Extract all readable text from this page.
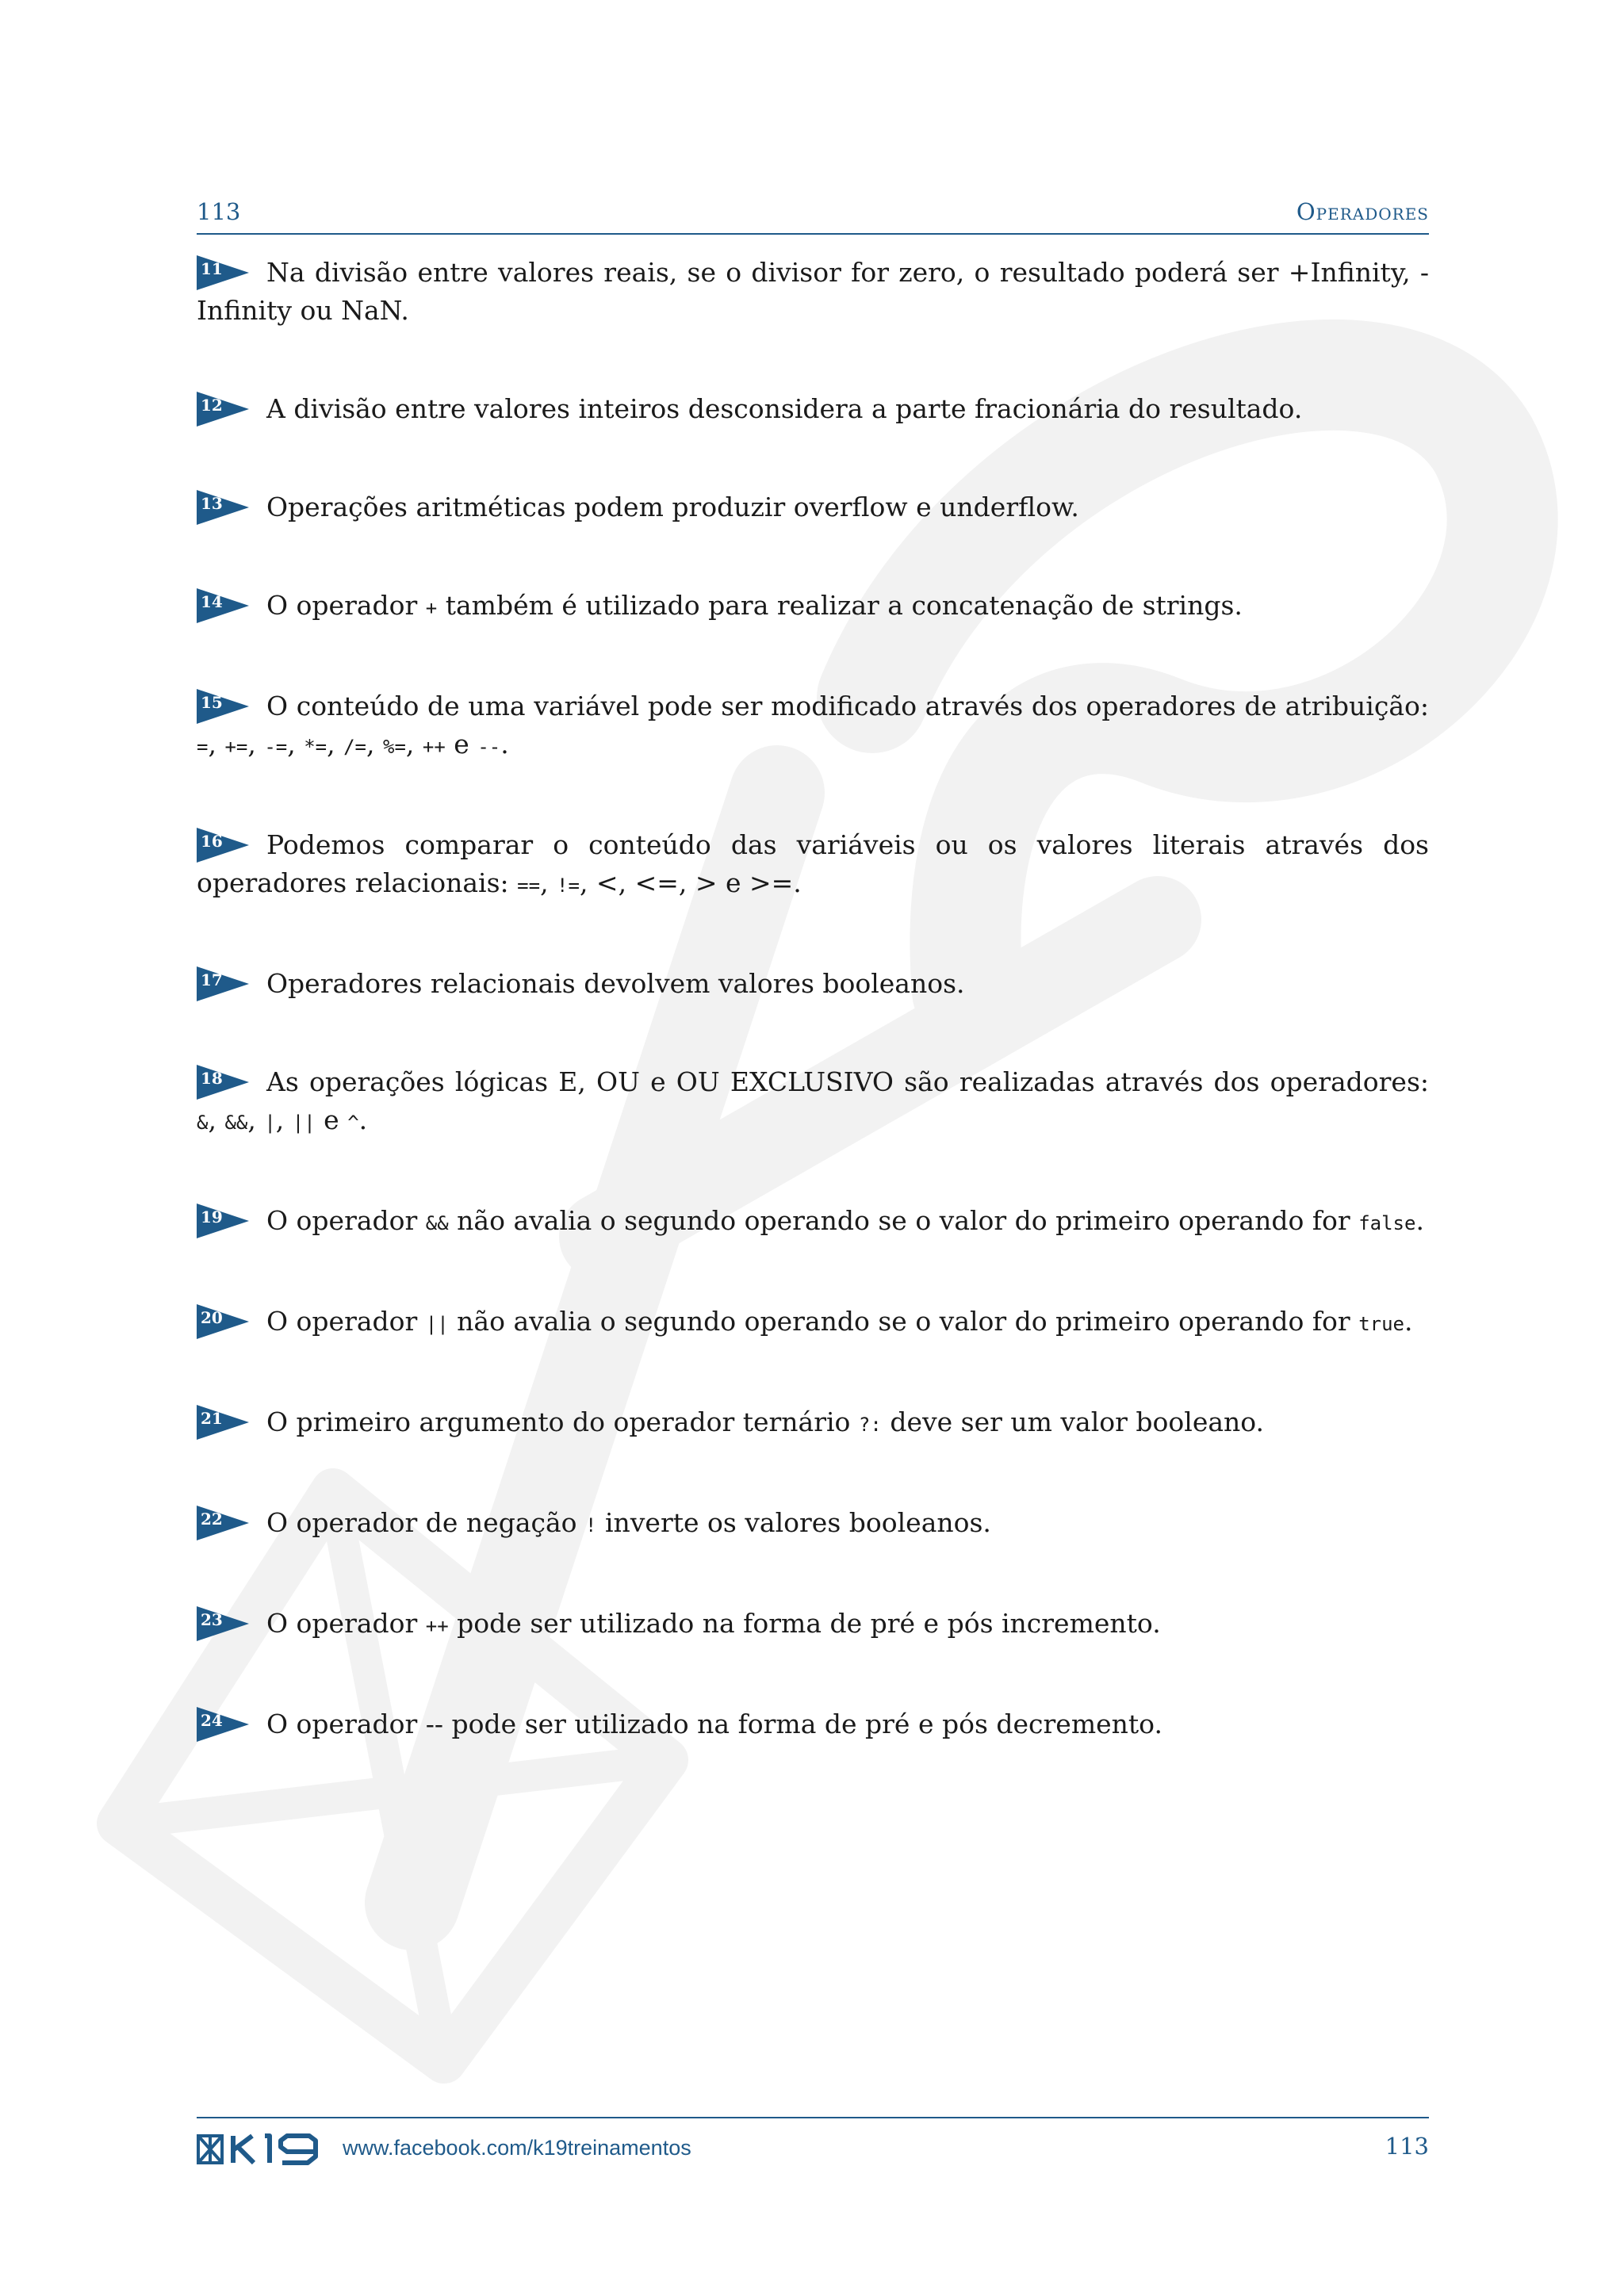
113	Operadores
11 Na divisão entre valores reais, se o divisor for zero, o resultado poderá ser +Infinity, -Infinity ou NaN.
12 A divisão entre valores inteiros desconsidera a parte fracionária do resultado.
13 Operações aritméticas podem produzir overflow e underflow.
14 O operador + também é utilizado para realizar a concatenação de strings.
15 O conteúdo de uma variável pode ser modificado através dos operadores de atribuição: =, +=, -=, *=, /=, %=, ++ e --.
16 Podemos comparar o conteúdo das variáveis ou os valores literais através dos operadores relacionais: ==, !=, <, <=, > e >=.
17 Operadores relacionais devolvem valores booleanos.
18 As operações lógicas E, OU e OU EXCLUSIVO são realizadas através dos operadores: &, &&, |, || e ^.
19 O operador && não avalia o segundo operando se o valor do primeiro operando for false.
20 O operador || não avalia o segundo operando se o valor do primeiro operando for true.
21 O primeiro argumento do operador ternário ?: deve ser um valor booleano.
22 O operador de negação ! inverte os valores booleanos.
23 O operador ++ pode ser utilizado na forma de pré e pós incremento.
24 O operador -- pode ser utilizado na forma de pré e pós decremento.
www.facebook.com/k19treinamentos	113
